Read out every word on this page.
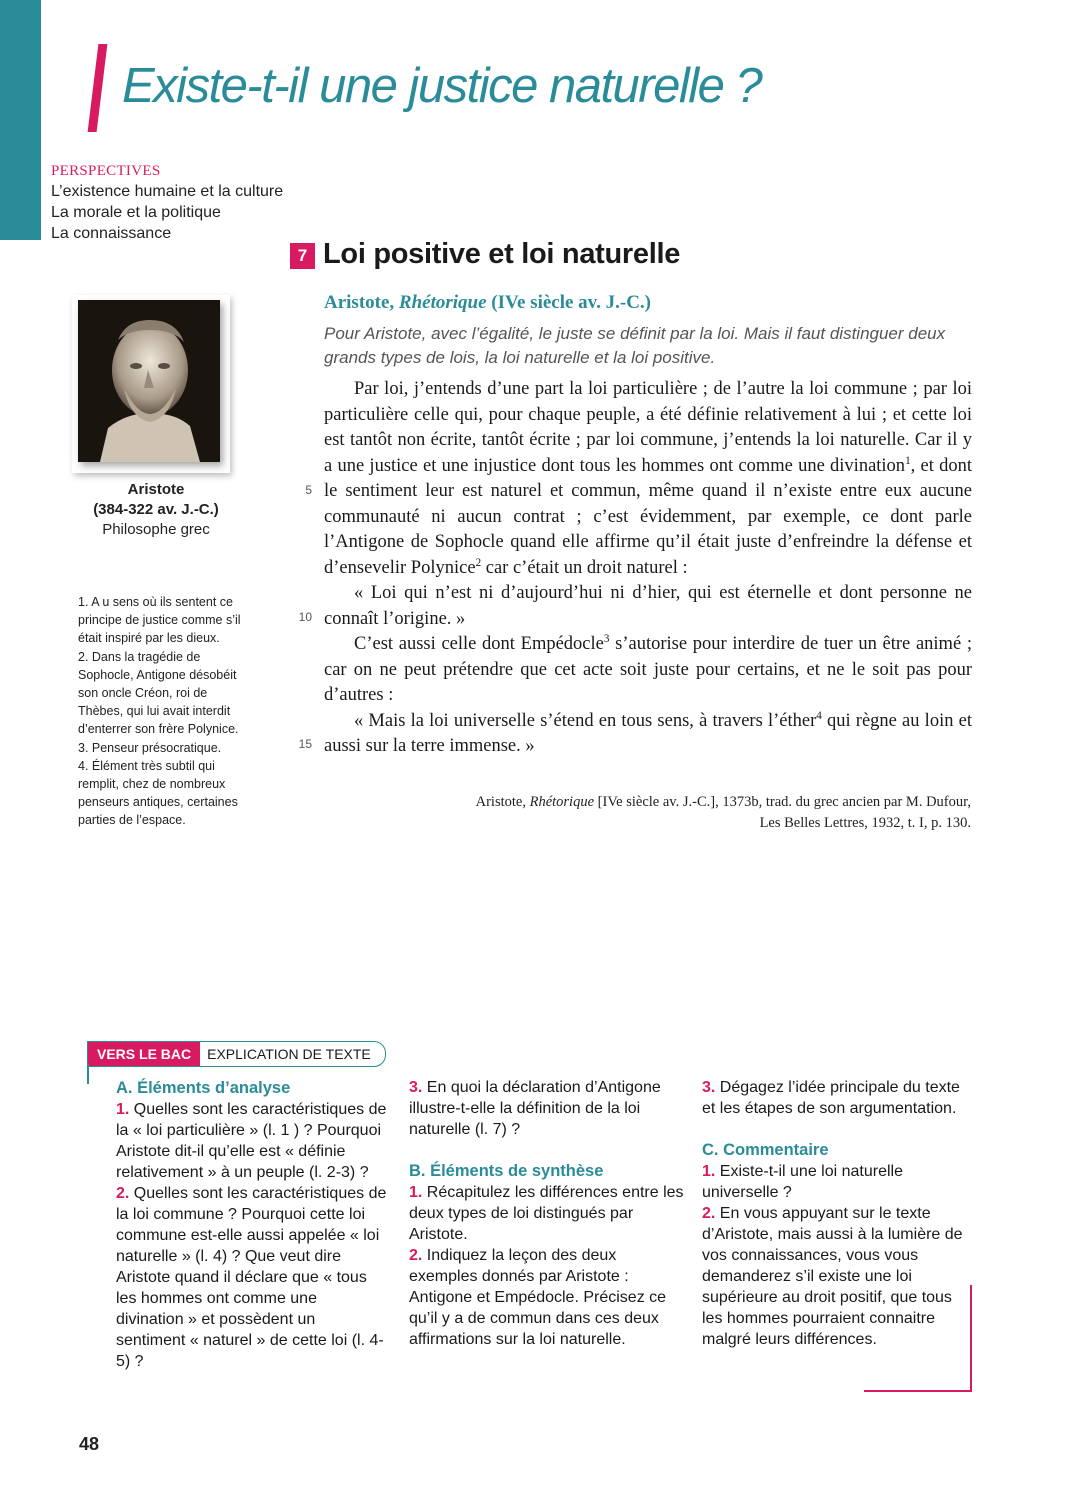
Existe-t-il une justice naturelle ?
PERSPECTIVES
L’existence humaine et la culture
La morale et la politique
La connaissance
7 Loi positive et loi naturelle
Aristote
(384-322 av. J.-C.)
Philosophe grec
1. A u sens où ils sentent ce principe de justice comme s’il était inspiré par les dieux.
2. Dans la tragédie de Sophocle, Antigone désobéit son oncle Créon, roi de Thèbes, qui lui avait interdit d’enterrer son frère Polynice.
3. Penseur présocratique.
4. Élément très subtil qui remplit, chez de nombreux penseurs antiques, certaines parties de l’espace.
Aristote, Rhétorique (IVe siècle av. J.-C.)
Pour Aristote, avec l’égalité, le juste se définit par la loi. Mais il faut distinguer deux grands types de lois, la loi naturelle et la loi positive.
5
10
15

Par loi, j’entends d’une part la loi particulière ; de l’autre la loi commune ; par loi particulière celle qui, pour chaque peuple, a été définie relativement à lui ; et cette loi est tantôt non écrite, tantôt écrite ; par loi commune, j’entends la loi naturelle. Car il y a une justice et une injustice dont tous les hommes ont comme une divination$^1$, et dont le sentiment leur est naturel et commun, même quand il n’existe entre eux aucune communauté ni aucun contrat ; c’est évidemment, par exemple, ce dont parle l’Antigone de Sophocle quand elle affirme qu’il était juste d’enfreindre la défense et d’ensevelir Polynice$^2$ car c’était un droit naturel :

« Loi qui n’est ni d’aujourd’hui ni d’hier, qui est éternelle et dont personne ne connaît l’origine. »

C’est aussi celle dont Empédocle$^3$ s’autorise pour interdire de tuer un être animé ; car on ne peut prétendre que cet acte soit juste pour certains, et ne le soit pas pour d’autres :

« Mais la loi universelle s’étend en tous sens, à travers l’éther$^4$ qui règne au loin et aussi sur la terre immense. »

Aristote, Rhétorique [IVe siècle av. J.-C.], 1373b, trad. du grec ancien par M. Dufour,
Les Belles Lettres, 1932, t. I, p. 130.
VERS LE BAC	EXPLICATION DE TEXTE
A. Éléments d’analyse

1. Quelles sont les caractéristiques de la « loi particulière » (l. 1 ) ? Pourquoi Aristote dit-il qu’elle est « définie relativement » à un peuple (l. 2-3) ?

2. Quelles sont les caractéristiques de la loi commune ? Pourquoi cette loi commune est-elle aussi appelée « loi naturelle » (l. 4) ? Que veut dire Aristote quand il déclare que « tous les hommes ont comme une divination » et possèdent un sentiment « naturel » de cette loi (l. 4-5) ?

3. En quoi la déclaration d’Antigone illustre-t-elle la définition de la loi naturelle (l. 7) ?

B. Éléments de synthèse

1. Récapitulez les différences entre les deux types de loi distingués par Aristote.

2. Indiquez la leçon des deux exemples donnés par Aristote : Antigone et Empédocle. Précisez ce qu’il y a de commun dans ces deux affirmations sur la loi naturelle.

3. Dégagez l’idée principale du texte et les étapes de son argumentation.

C. Commentaire

1. Existe-t-il une loi naturelle universelle ?

2. En vous appuyant sur le texte d’Aristote, mais aussi à la lumière de vos connaissances, vous vous demanderez s’il existe une loi supérieure au droit positif, que tous les hommes pourraient connaitre malgré leurs différences.

48
